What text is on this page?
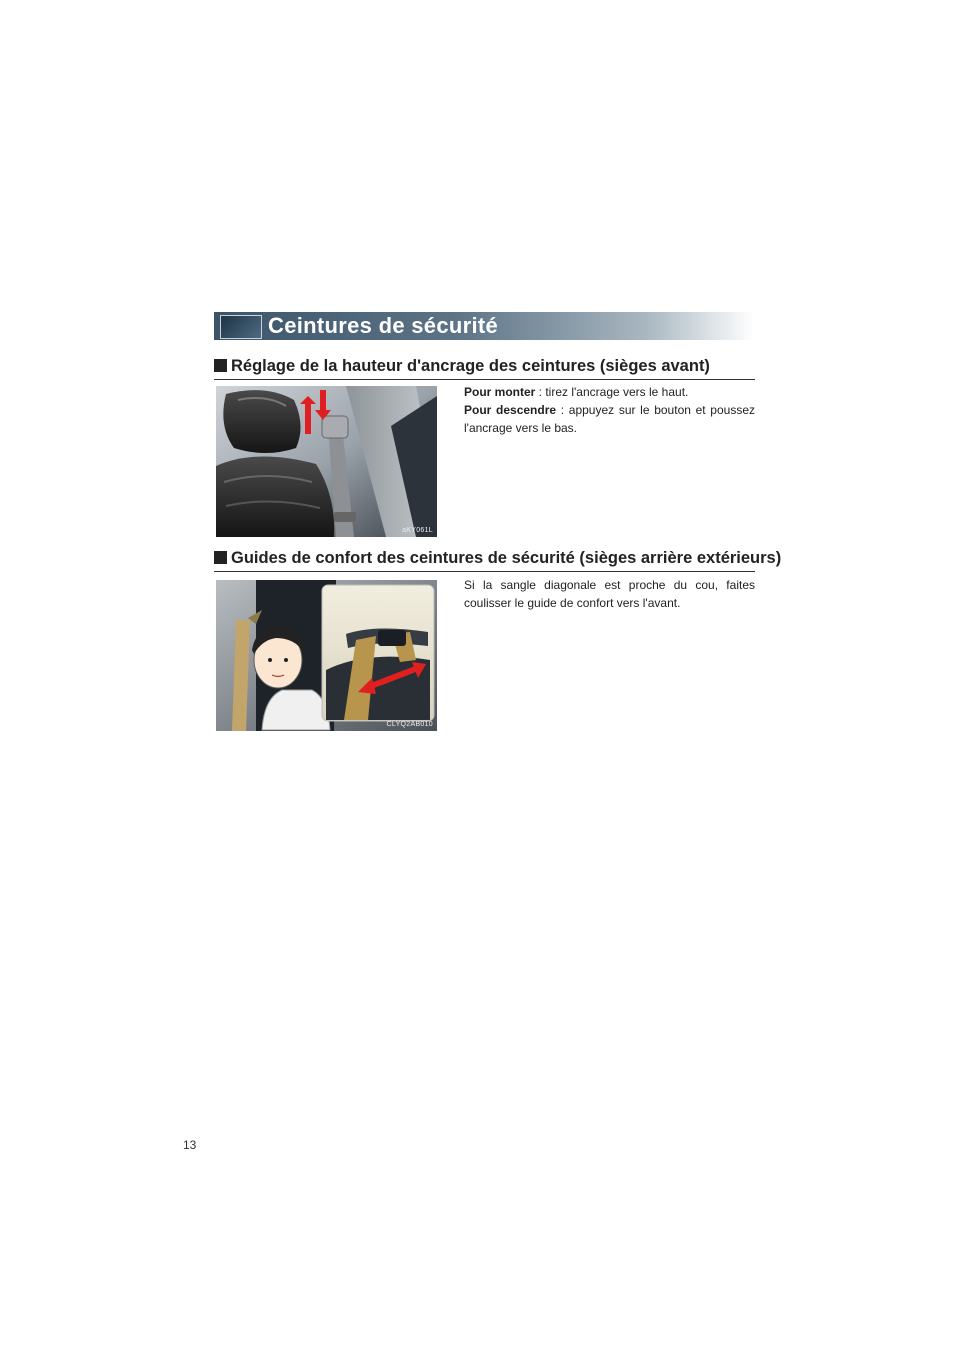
Ceintures de sécurité
Réglage de la hauteur d'ancrage des ceintures (sièges avant)
aKY061L

Pour monter : tirez l'ancrage vers le haut.

Pour descendre : appuyez sur le bouton et poussez l'ancrage vers le bas.

Guides de confort des ceintures de sécurité (sièges arrière extérieurs)
CLYQ2AB010

Si la sangle diagonale est proche du cou, faites coulisser le guide de confort vers l'avant.

13
